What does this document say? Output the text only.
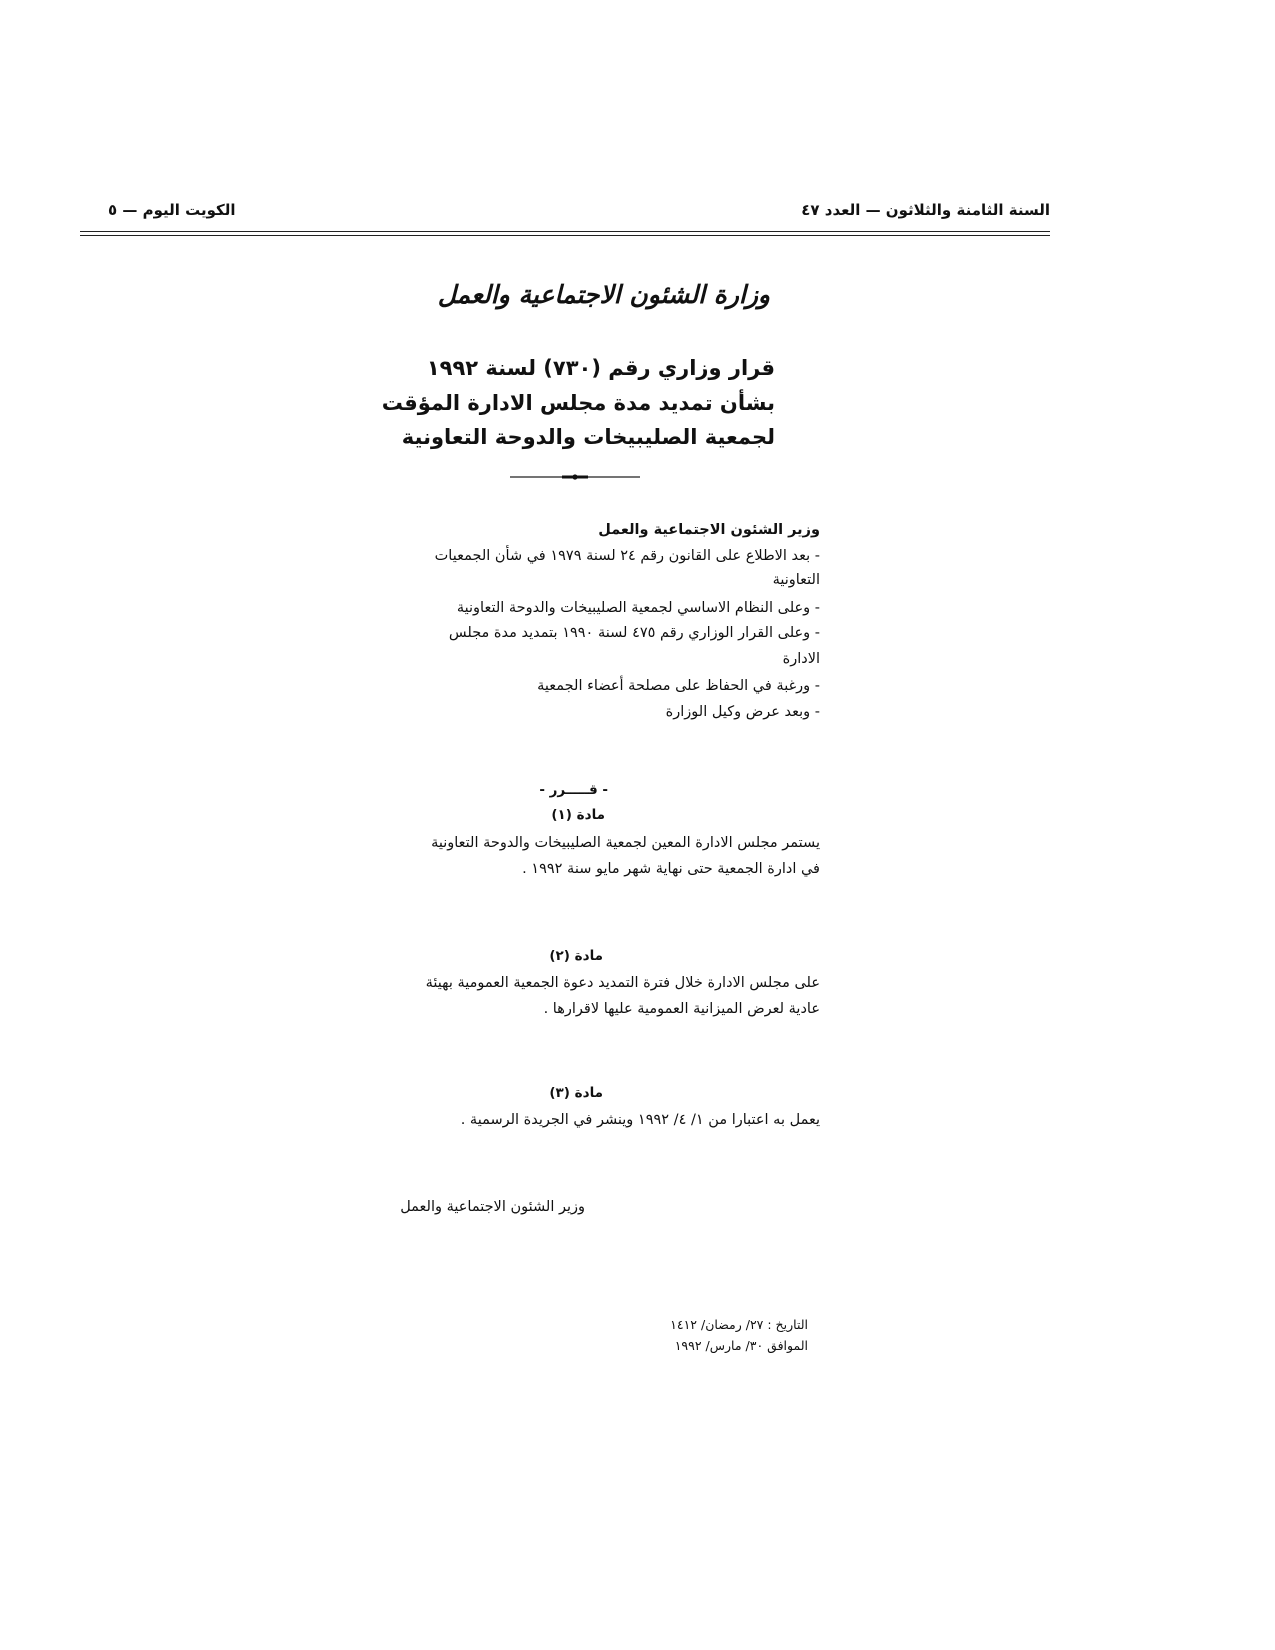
السنة الثامنة والثلاثون — العدد ٤٧
الكويت اليوم — ٥
وزارة الشئون الاجتماعية والعمل
قرار وزاري رقم (٧٣٠) لسنة ١٩٩٢
بشأن تمديد مدة مجلس الادارة المؤقت
لجمعية الصليبيخات والدوحة التعاونية
وزير الشئون الاجتماعية والعمل
- بعد الاطلاع على القانون رقم ٢٤ لسنة ١٩٧٩ في شأن الجمعيات
التعاونية
- وعلى النظام الاساسي لجمعية الصليبيخات والدوحة التعاونية
- وعلى القرار الوزاري رقم ٤٧٥ لسنة ١٩٩٠ بتمديد مدة مجلس
الادارة
- ورغبة في الحفاظ على مصلحة أعضاء الجمعية
- وبعد عرض وكيل الوزارة
- قـــــرر -
مادة (١)
يستمر مجلس الادارة المعين لجمعية الصليبيخات والدوحة التعاونية
في ادارة الجمعية حتى نهاية شهر مايو سنة ١٩٩٢ .
مادة (٢)
على مجلس الادارة خلال فترة التمديد دعوة الجمعية العمومية بهيئة
عادية لعرض الميزانية العمومية عليها لاقرارها .
مادة (٣)
يعمل به اعتبارا من ١/ ٤/ ١٩٩٢ وينشر في الجريدة الرسمية .
وزير الشئون الاجتماعية والعمل
التاريخ : ٢٧/ رمضان/ ١٤١٢
الموافق ٣٠/ مارس/ ١٩٩٢
